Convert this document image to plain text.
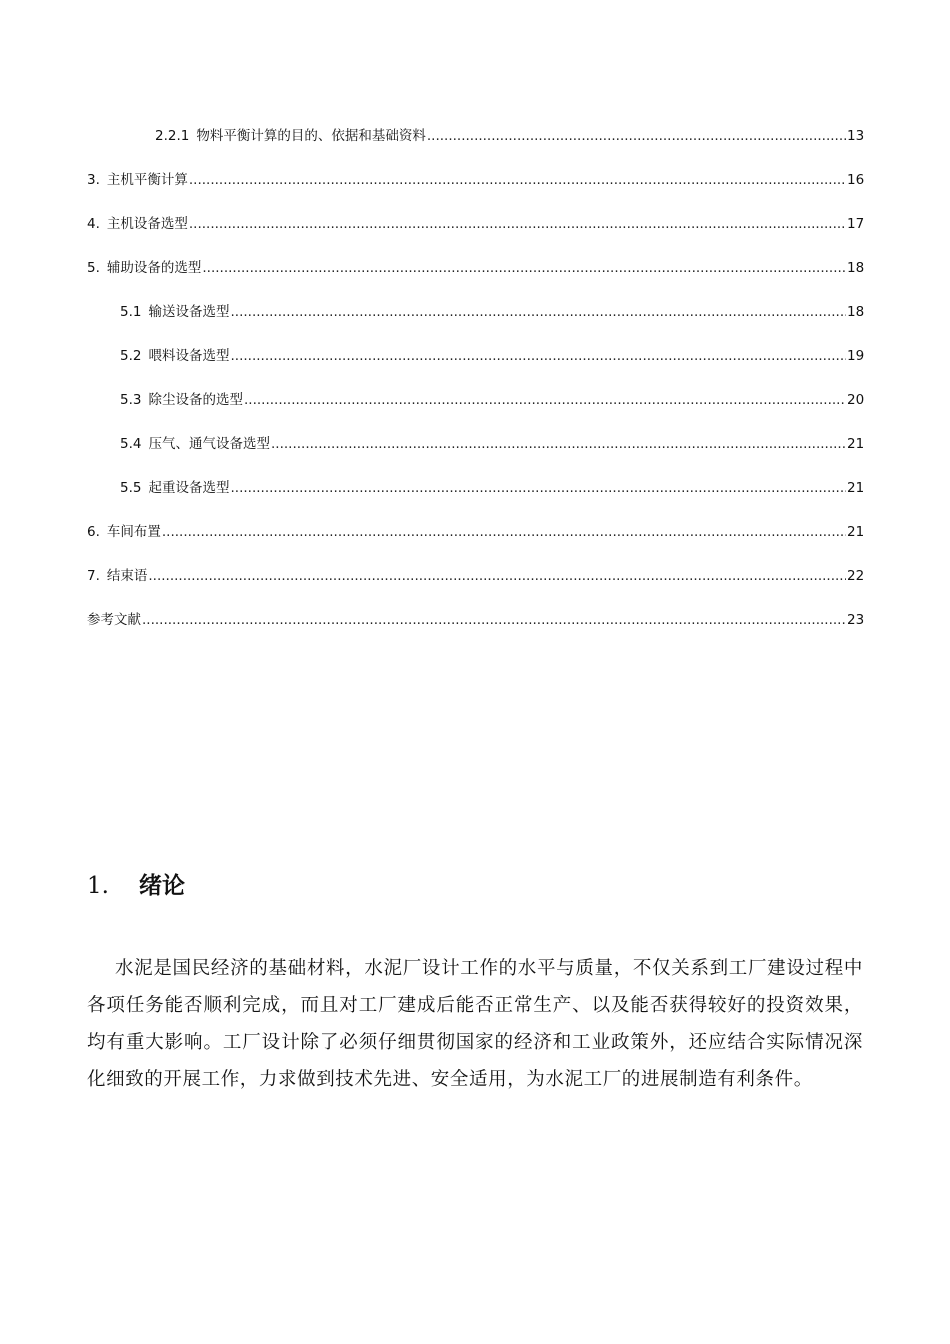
2.2.1 物料平衡计算的目的、依据和基础资料 .....	13
3. 主机平衡计算 .....	16
4. 主机设备选型 .....	17
5. 辅助设备的选型 .....	18
5.1 输送设备选型 .....	18
5.2 喂料设备选型 .....	19
5.3 除尘设备的选型 .....	20
5.4 压气、通气设备选型 .....	21
5.5 起重设备选型 .....	21
6. 车间布置 .....	21
7. 结束语 .....	22
参考文献 .....	23
1.	绪论

水泥是国民经济的基础材料，水泥厂设计工作的水平与质量，不仅关系到工厂建设过程中各项任务能否顺利完成，而且对工厂建成后能否正常生产、以及能否获得较好的投资效果，均有重大影响。工厂设计除了必须仔细贯彻国家的经济和工业政策外，还应结合实际情况深化细致的开展工作，力求做到技术先进、安全适用，为水泥工厂的进展制造有利条件。
